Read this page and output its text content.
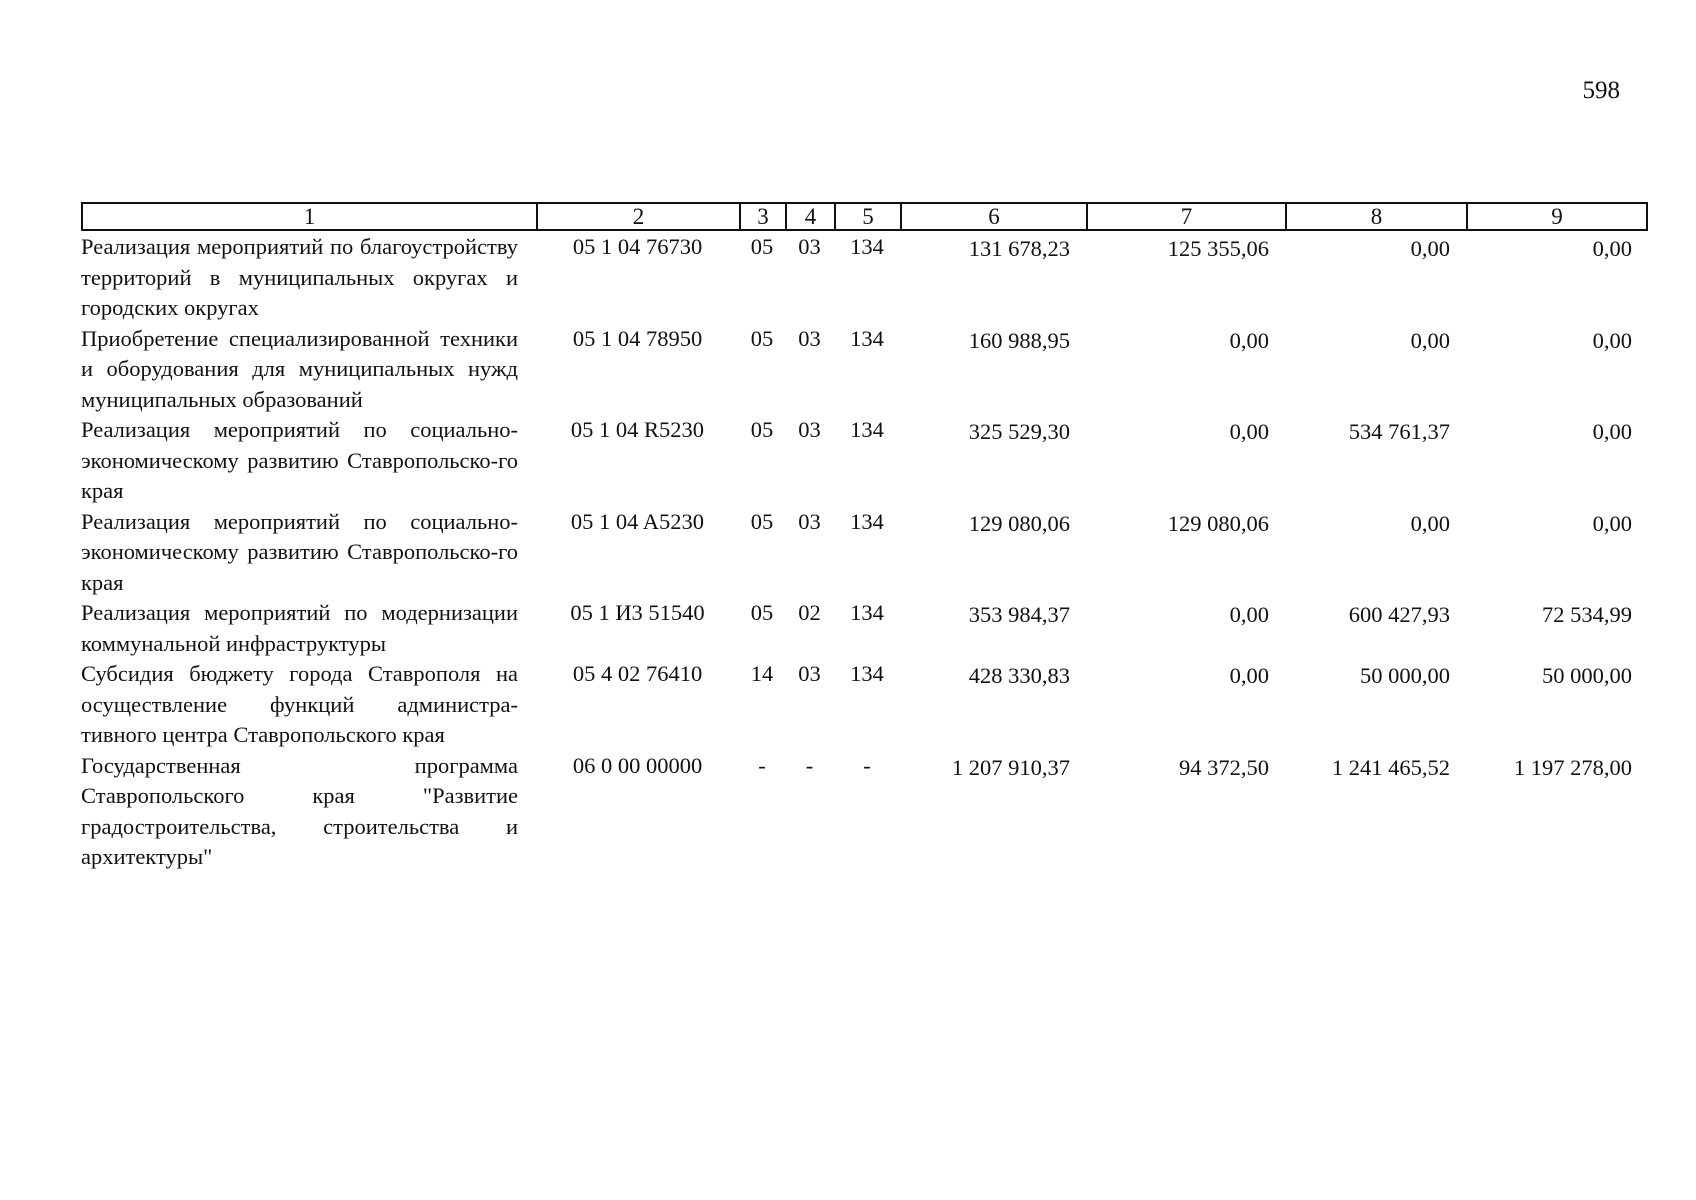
598
1	2	3	4	5	6	7	8	9
Реализация мероприятий по благоустройству территорий в муниципальных округах и городских округах	05 1 04 76730	05	03	134	131 678,23	125 355,06	0,00	0,00
Приобретение специализированной техники и оборудования для муниципальных нужд муниципальных образований	05 1 04 78950	05	03	134	160 988,95	0,00	0,00	0,00
Реализация мероприятий по социально-экономическому развитию Ставропольско-го края	05 1 04 R5230	05	03	134	325 529,30	0,00	534 761,37	0,00
Реализация мероприятий по социально-экономическому развитию Ставропольско-го края	05 1 04 A5230	05	03	134	129 080,06	129 080,06	0,00	0,00
Реализация мероприятий по модернизации коммунальной инфраструктуры	05 1 И3 51540	05	02	134	353 984,37	0,00	600 427,93	72 534,99
Субсидия бюджету города Ставрополя на осуществление функций администра-тивного центра Ставропольского края	05 4 02 76410	14	03	134	428 330,83	0,00	50 000,00	50 000,00
Государственная программа Ставропольского края "Развитие градостроительства, строительства и архитектуры"	06 0 00 00000	-	-	-	1 207 910,37	94 372,50	1 241 465,52	1 197 278,00
